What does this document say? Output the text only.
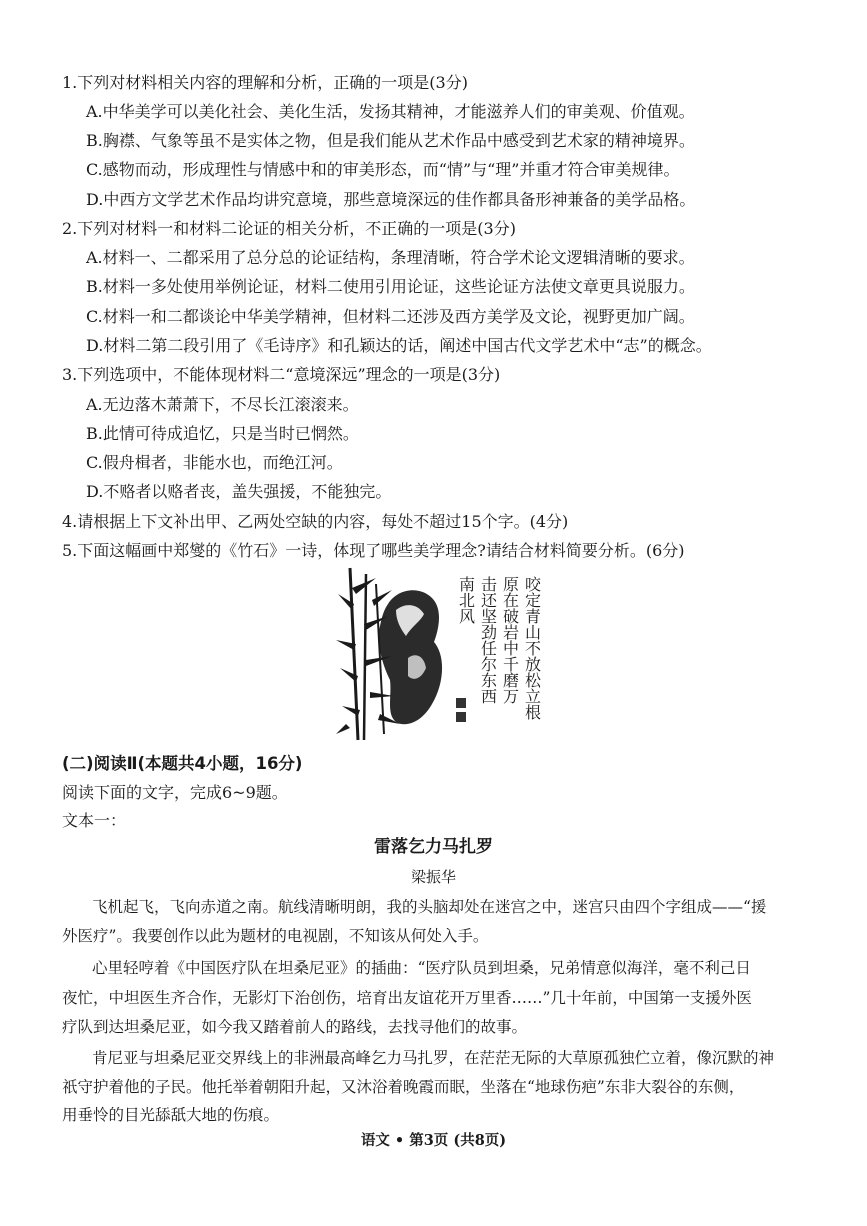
1.下列对材料相关内容的理解和分析，正确的一项是(3分)
A.中华美学可以美化社会、美化生活，发扬其精神，才能滋养人们的审美观、价值观。
B.胸襟、气象等虽不是实体之物，但是我们能从艺术作品中感受到艺术家的精神境界。
C.感物而动，形成理性与情感中和的审美形态，而“情”与“理”并重才符合审美规律。
D.中西方文学艺术作品均讲究意境，那些意境深远的佳作都具备形神兼备的美学品格。
2.下列对材料一和材料二论证的相关分析，不正确的一项是(3分)
A.材料一、二都采用了总分总的论证结构，条理清晰，符合学术论文逻辑清晰的要求。
B.材料一多处使用举例论证，材料二使用引用论证，这些论证方法使文章更具说服力。
C.材料一和二都谈论中华美学精神，但材料二还涉及西方美学及文论，视野更加广阔。
D.材料二第二段引用了《毛诗序》和孔颖达的话，阐述中国古代文学艺术中“志”的概念。
3.下列选项中，不能体现材料二“意境深远”理念的一项是(3分)
A.无边落木萧萧下，不尽长江滚滚来。
B.此情可待成追忆，只是当时已惘然。
C.假舟楫者，非能水也，而绝江河。
D.不赂者以赂者丧，盖失强援，不能独完。
4.请根据上下文补出甲、乙两处空缺的内容，每处不超过15个字。(4分)
5.下面这幅画中郑燮的《竹石》一诗，体现了哪些美学理念?请结合材料简要分析。(6分)
咬定青山不放松立根
原在破岩中千磨万
击还坚劲任尔东西
南北风
(二)阅读Ⅱ(本题共4小题，16分)
阅读下面的文字，完成6~9题。
文本一：
雷落乞力马扎罗
梁振华
飞机起飞，飞向赤道之南。航线清晰明朗，我的头脑却处在迷宫之中，迷宫只由四个字组成——“援
外医疗”。我要创作以此为题材的电视剧，不知该从何处入手。
心里轻哼着《中国医疗队在坦桑尼亚》的插曲：“医疗队员到坦桑，兄弟情意似海洋，毫不利己日
夜忙，中坦医生齐合作，无影灯下治创伤，培育出友谊花开万里香……”几十年前，中国第一支援外医
疗队到达坦桑尼亚，如今我又踏着前人的路线，去找寻他们的故事。
肯尼亚与坦桑尼亚交界线上的非洲最高峰乞力马扎罗，在茫茫无际的大草原孤独伫立着，像沉默的神
祇守护着他的子民。他托举着朝阳升起，又沐浴着晚霞而眠，坐落在“地球伤疤”东非大裂谷的东侧，
用垂怜的目光舔舐大地的伤痕。
语文 • 第3页 (共8页)
